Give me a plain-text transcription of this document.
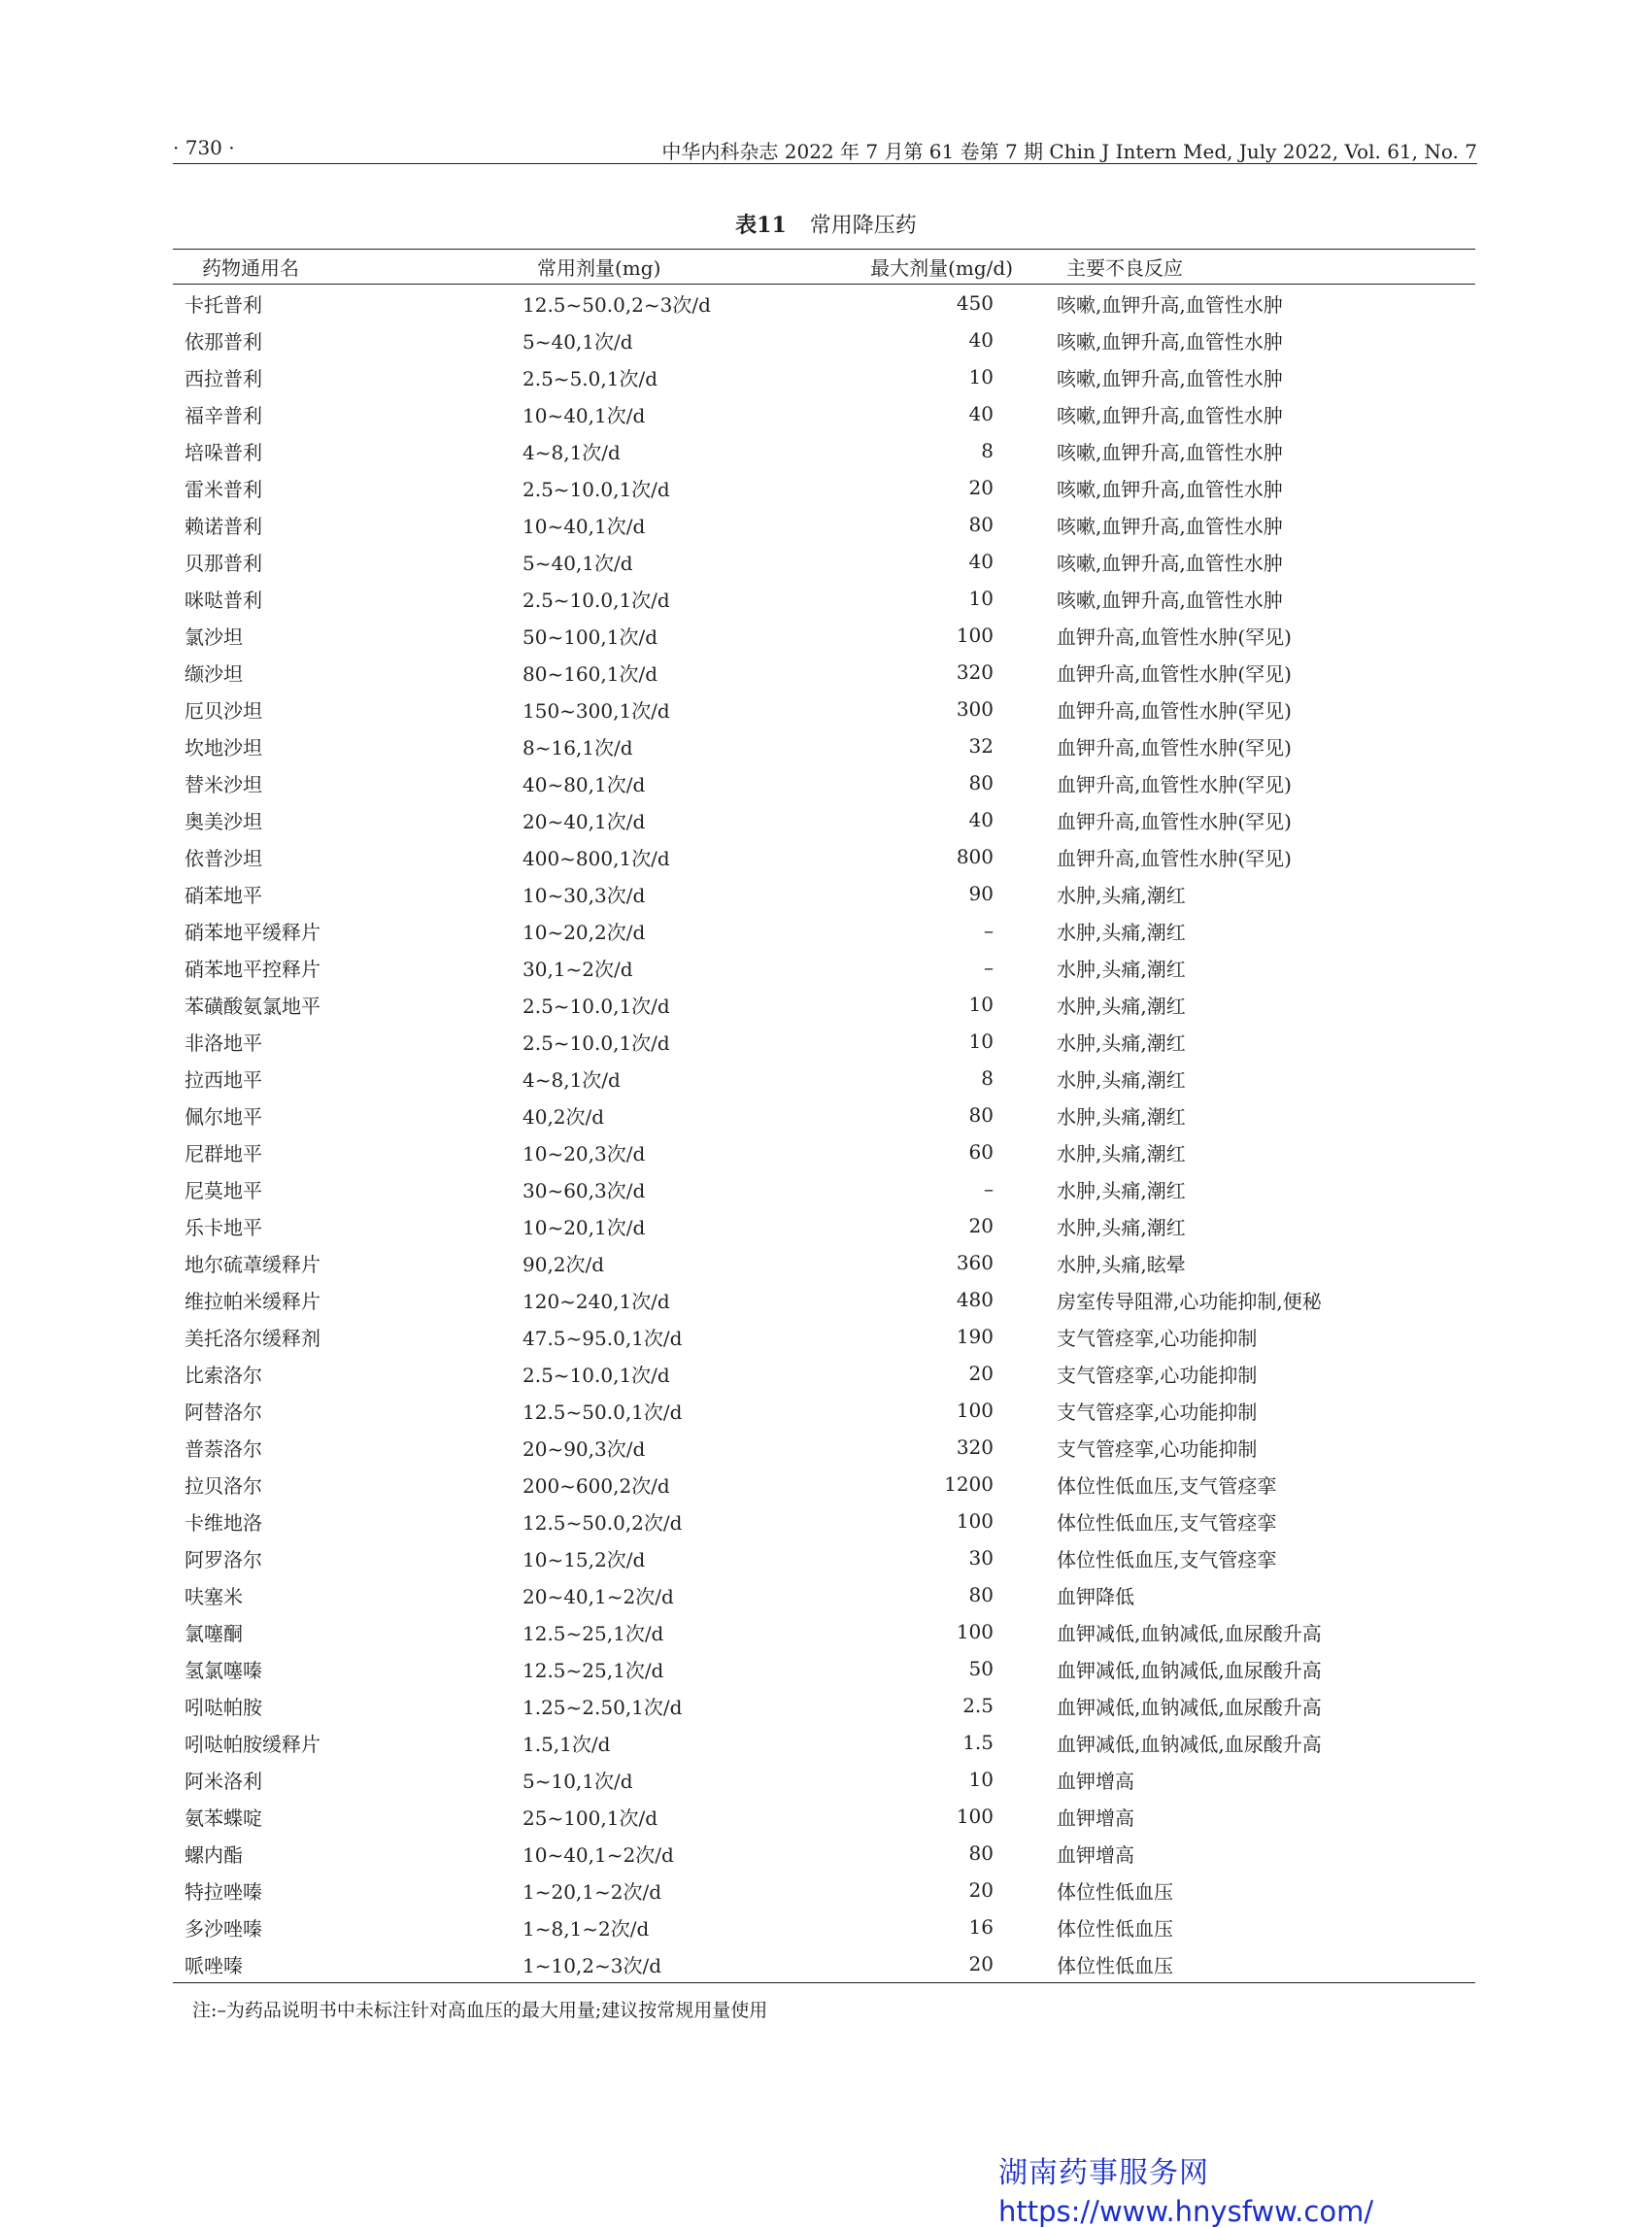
· 730 ·	中华内科杂志 2022 年 7 月第 61 卷第 7 期 Chin J Intern Med, July 2022, Vol. 61, No. 7
表11 常用降压药
药物通用名	常用剂量(mg)	最大剂量(mg/d)	主要不良反应
卡托普利	12.5~50.0,2~3次/d	450	咳嗽,血钾升高,血管性水肿
依那普利	5~40,1次/d	40	咳嗽,血钾升高,血管性水肿
西拉普利	2.5~5.0,1次/d	10	咳嗽,血钾升高,血管性水肿
福辛普利	10~40,1次/d	40	咳嗽,血钾升高,血管性水肿
培哚普利	4~8,1次/d	8	咳嗽,血钾升高,血管性水肿
雷米普利	2.5~10.0,1次/d	20	咳嗽,血钾升高,血管性水肿
赖诺普利	10~40,1次/d	80	咳嗽,血钾升高,血管性水肿
贝那普利	5~40,1次/d	40	咳嗽,血钾升高,血管性水肿
咪哒普利	2.5~10.0,1次/d	10	咳嗽,血钾升高,血管性水肿
氯沙坦	50~100,1次/d	100	血钾升高,血管性水肿(罕见)
缬沙坦	80~160,1次/d	320	血钾升高,血管性水肿(罕见)
厄贝沙坦	150~300,1次/d	300	血钾升高,血管性水肿(罕见)
坎地沙坦	8~16,1次/d	32	血钾升高,血管性水肿(罕见)
替米沙坦	40~80,1次/d	80	血钾升高,血管性水肿(罕见)
奥美沙坦	20~40,1次/d	40	血钾升高,血管性水肿(罕见)
依普沙坦	400~800,1次/d	800	血钾升高,血管性水肿(罕见)
硝苯地平	10~30,3次/d	90	水肿,头痛,潮红
硝苯地平缓释片	10~20,2次/d	–	水肿,头痛,潮红
硝苯地平控释片	30,1~2次/d	–	水肿,头痛,潮红
苯磺酸氨氯地平	2.5~10.0,1次/d	10	水肿,头痛,潮红
非洛地平	2.5~10.0,1次/d	10	水肿,头痛,潮红
拉西地平	4~8,1次/d	8	水肿,头痛,潮红
佩尔地平	40,2次/d	80	水肿,头痛,潮红
尼群地平	10~20,3次/d	60	水肿,头痛,潮红
尼莫地平	30~60,3次/d	–	水肿,头痛,潮红
乐卡地平	10~20,1次/d	20	水肿,头痛,潮红
地尔硫䓬缓释片	90,2次/d	360	水肿,头痛,眩晕
维拉帕米缓释片	120~240,1次/d	480	房室传导阻滞,心功能抑制,便秘
美托洛尔缓释剂	47.5~95.0,1次/d	190	支气管痉挛,心功能抑制
比索洛尔	2.5~10.0,1次/d	20	支气管痉挛,心功能抑制
阿替洛尔	12.5~50.0,1次/d	100	支气管痉挛,心功能抑制
普萘洛尔	20~90,3次/d	320	支气管痉挛,心功能抑制
拉贝洛尔	200~600,2次/d	1200	体位性低血压,支气管痉挛
卡维地洛	12.5~50.0,2次/d	100	体位性低血压,支气管痉挛
阿罗洛尔	10~15,2次/d	30	体位性低血压,支气管痉挛
呋塞米	20~40,1~2次/d	80	血钾降低
氯噻酮	12.5~25,1次/d	100	血钾减低,血钠减低,血尿酸升高
氢氯噻嗪	12.5~25,1次/d	50	血钾减低,血钠减低,血尿酸升高
吲哒帕胺	1.25~2.50,1次/d	2.5	血钾减低,血钠减低,血尿酸升高
吲哒帕胺缓释片	1.5,1次/d	1.5	血钾减低,血钠减低,血尿酸升高
阿米洛利	5~10,1次/d	10	血钾增高
氨苯蝶啶	25~100,1次/d	100	血钾增高
螺内酯	10~40,1~2次/d	80	血钾增高
特拉唑嗪	1~20,1~2次/d	20	体位性低血压
多沙唑嗪	1~8,1~2次/d	16	体位性低血压
哌唑嗪	1~10,2~3次/d	20	体位性低血压
注:–为药品说明书中未标注针对高血压的最大用量;建议按常规用量使用
湖南药事服务网
https://www.hnysfww.com/
